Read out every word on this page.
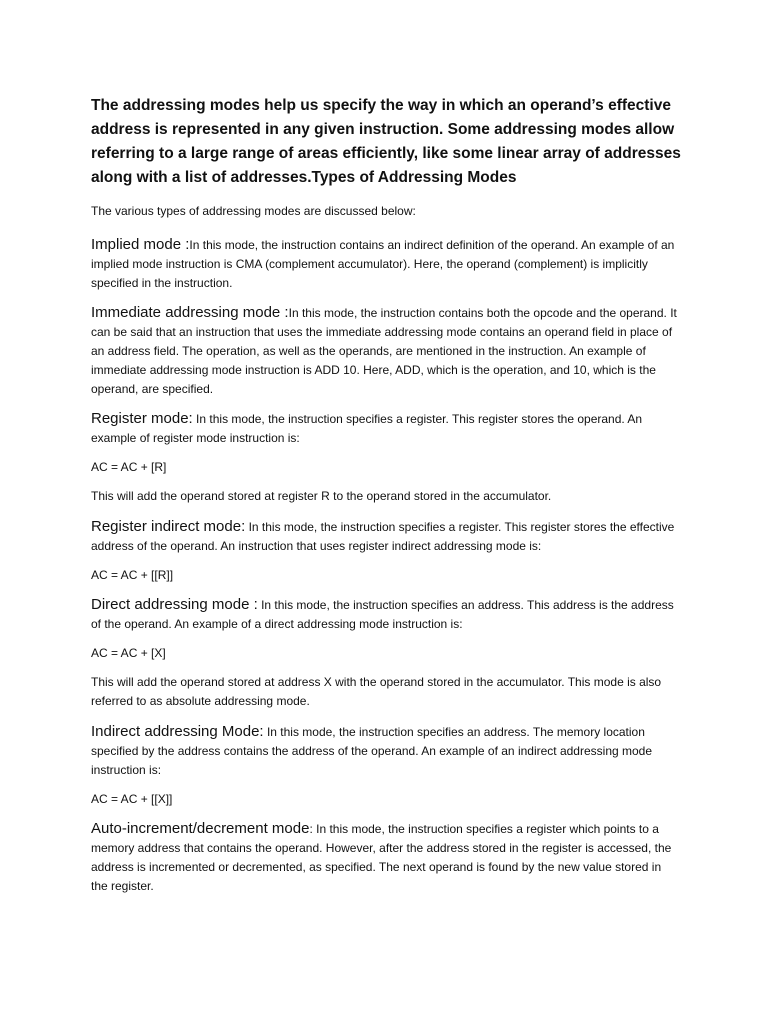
The addressing modes help us specify the way in which an operand’s effective address is represented in any given instruction. Some addressing modes allow referring to a large range of areas efficiently, like some linear array of addresses along with a list of addresses.Types of Addressing Modes

The various types of addressing modes are discussed below:

Implied mode :In this mode, the instruction contains an indirect definition of the operand. An example of an implied mode instruction is CMA (complement accumulator). Here, the operand (complement) is implicitly specified in the instruction.

Immediate addressing mode :In this mode, the instruction contains both the opcode and the operand. It can be said that an instruction that uses the immediate addressing mode contains an operand field in place of an address field. The operation, as well as the operands, are mentioned in the instruction. An example of immediate addressing mode instruction is ADD 10. Here, ADD, which is the operation, and 10, which is the operand, are specified.

Register mode: In this mode, the instruction specifies a register. This register stores the operand. An example of register mode instruction is:

AC = AC + [R]

This will add the operand stored at register R to the operand stored in the accumulator.

Register indirect mode: In this mode, the instruction specifies a register. This register stores the effective address of the operand. An instruction that uses register indirect addressing mode is:

AC = AC + [[R]]

Direct addressing mode : In this mode, the instruction specifies an address. This address is the address of the operand. An example of a direct addressing mode instruction is:

AC = AC + [X]

This will add the operand stored at address X with the operand stored in the accumulator. This mode is also referred to as absolute addressing mode.

Indirect addressing Mode: In this mode, the instruction specifies an address. The memory location specified by the address contains the address of the operand. An example of an indirect addressing mode instruction is:

AC = AC + [[X]]

Auto-increment/decrement mode: In this mode, the instruction specifies a register which points to a memory address that contains the operand. However, after the address stored in the register is accessed, the address is incremented or decremented, as specified. The next operand is found by the new value stored in the register.
